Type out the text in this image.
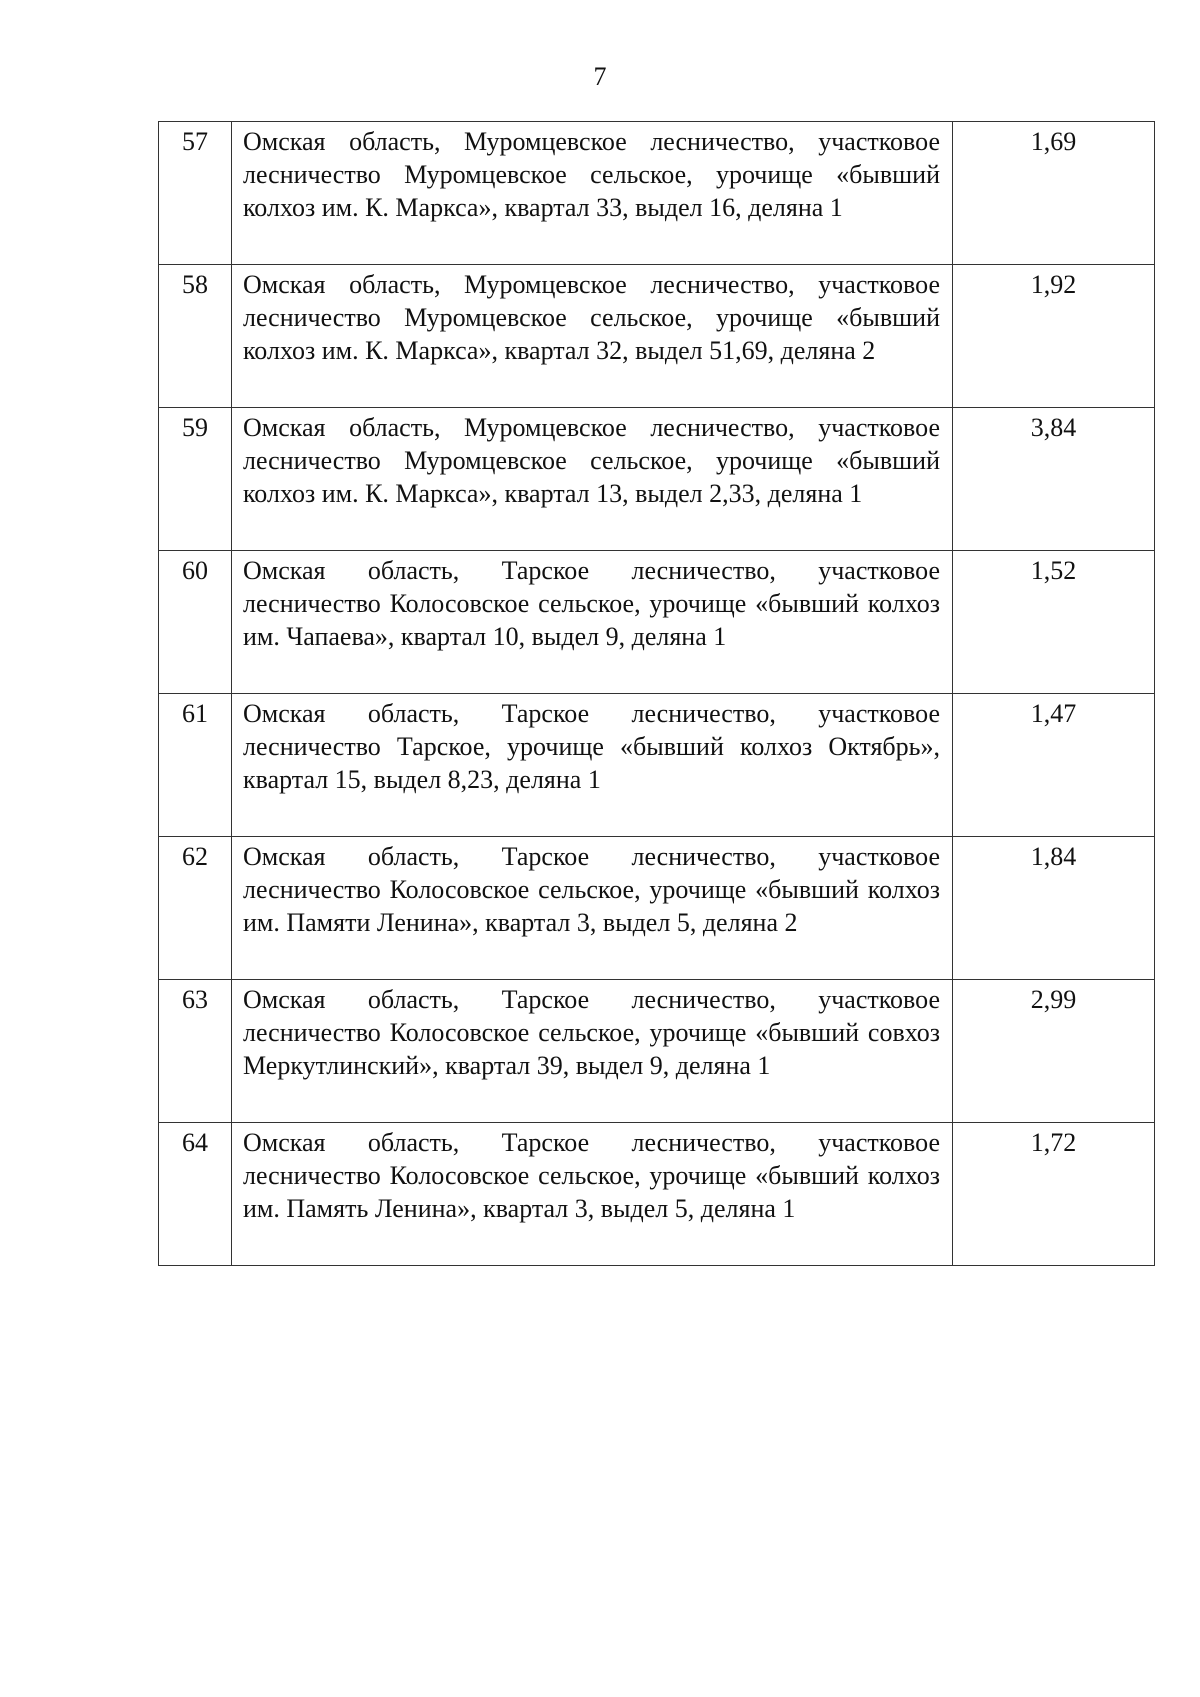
7
57	Омская область, Муромцевское лесничество, участковое лесничество Муромцевское сельское, урочище «бывший колхоз им. К. Маркса», квартал 33, выдел 16, деляна 1	1,69
58	Омская область, Муромцевское лесничество, участковое лесничество Муромцевское сельское, урочище «бывший колхоз им. К. Маркса», квартал 32, выдел 51,69, деляна 2	1,92
59	Омская область, Муромцевское лесничество, участковое лесничество Муромцевское сельское, урочище «бывший колхоз им. К. Маркса», квартал 13, выдел 2,33, деляна 1	3,84
60	Омская область, Тарское лесничество, участковое лесничество Колосовское сельское, урочище «бывший колхоз им. Чапаева», квартал 10, выдел 9, деляна 1	1,52
61	Омская область, Тарское лесничество, участковое лесничество Тарское, урочище «бывший колхоз Октябрь», квартал 15, выдел 8,23, деляна 1	1,47
62	Омская область, Тарское лесничество, участковое лесничество Колосовское сельское, урочище «бывший колхоз им. Памяти Ленина», квартал 3, выдел 5, деляна 2	1,84
63	Омская область, Тарское лесничество, участковое лесничество Колосовское сельское, урочище «бывший совхоз Меркутлинский», квартал 39, выдел 9, деляна 1	2,99
64	Омская область, Тарское лесничество, участковое лесничество Колосовское сельское, урочище «бывший колхоз им. Память Ленина», квартал 3, выдел 5, деляна 1	1,72
